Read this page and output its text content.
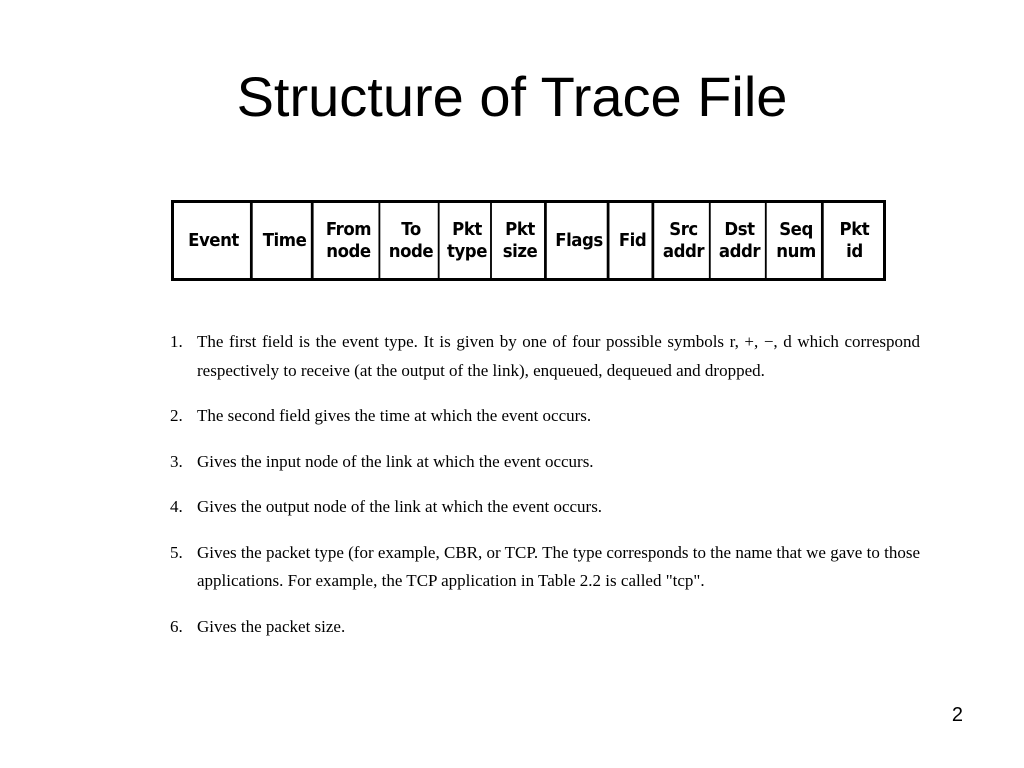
Structure of Trace File
Event	Time
From
node
To
node
Pkt
type
Pkt
size
Flags Fid
Src
addr
Dst
addr
Seq
num
Pkt
id
1. The first field is the event type. It is given by one of four possible symbols r, +, −, d which correspond respectively to receive (at the output of the link), enqueued, dequeued and dropped.
2. The second field gives the time at which the event occurs.
3. Gives the input node of the link at which the event occurs.
4. Gives the output node of the link at which the event occurs.
5. Gives the packet type (for example, CBR, or TCP. The type corresponds to the name that we gave to those applications. For example, the TCP application in Table 2.2 is called "tcp".
6. Gives the packet size.
2
